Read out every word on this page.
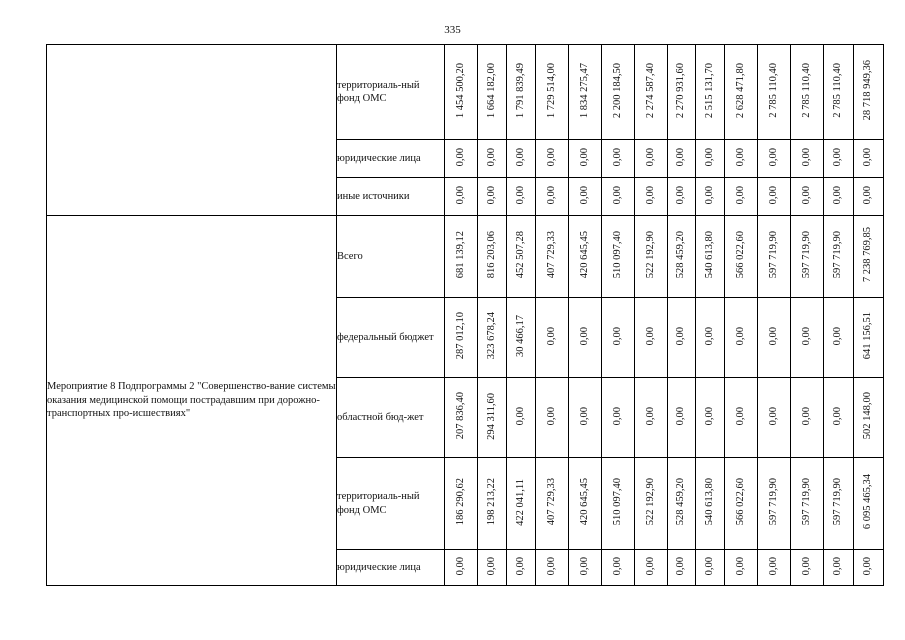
335
	территориаль-ный фонд ОМС	1 454 500,20	1 664 182,00	1 791 839,49	1 729 514,00	1 834 275,47	2 200 184,50	2 274 587,40	2 270 931,60	2 515 131,70	2 628 471,80	2 785 110,40	2 785 110,40	2 785 110,40	28 718 949,36
	юридические лица	0,00	0,00	0,00	0,00	0,00	0,00	0,00	0,00	0,00	0,00	0,00	0,00	0,00	0,00
	иные источники	0,00	0,00	0,00	0,00	0,00	0,00	0,00	0,00	0,00	0,00	0,00	0,00	0,00	0,00
Мероприятие 8 Подпрограммы 2 "Совершенство-вание системы оказания медицинской помощи пострадавшим при дорожно-транспортных про-исшествиях"	Всего	681 139,12	816 203,06	452 507,28	407 729,33	420 645,45	510 097,40	522 192,90	528 459,20	540 613,80	566 022,60	597 719,90	597 719,90	597 719,90	7 238 769,85
	федеральный бюджет	287 012,10	323 678,24	30 466,17	0,00	0,00	0,00	0,00	0,00	0,00	0,00	0,00	0,00	0,00	641 156,51
	областной бюд-жет	207 836,40	294 311,60	0,00	0,00	0,00	0,00	0,00	0,00	0,00	0,00	0,00	0,00	0,00	502 148,00
	территориаль-ный фонд ОМС	186 290,62	198 213,22	422 041,11	407 729,33	420 645,45	510 097,40	522 192,90	528 459,20	540 613,80	566 022,60	597 719,90	597 719,90	597 719,90	6 095 465,34
	юридические лица	0,00	0,00	0,00	0,00	0,00	0,00	0,00	0,00	0,00	0,00	0,00	0,00	0,00	0,00
